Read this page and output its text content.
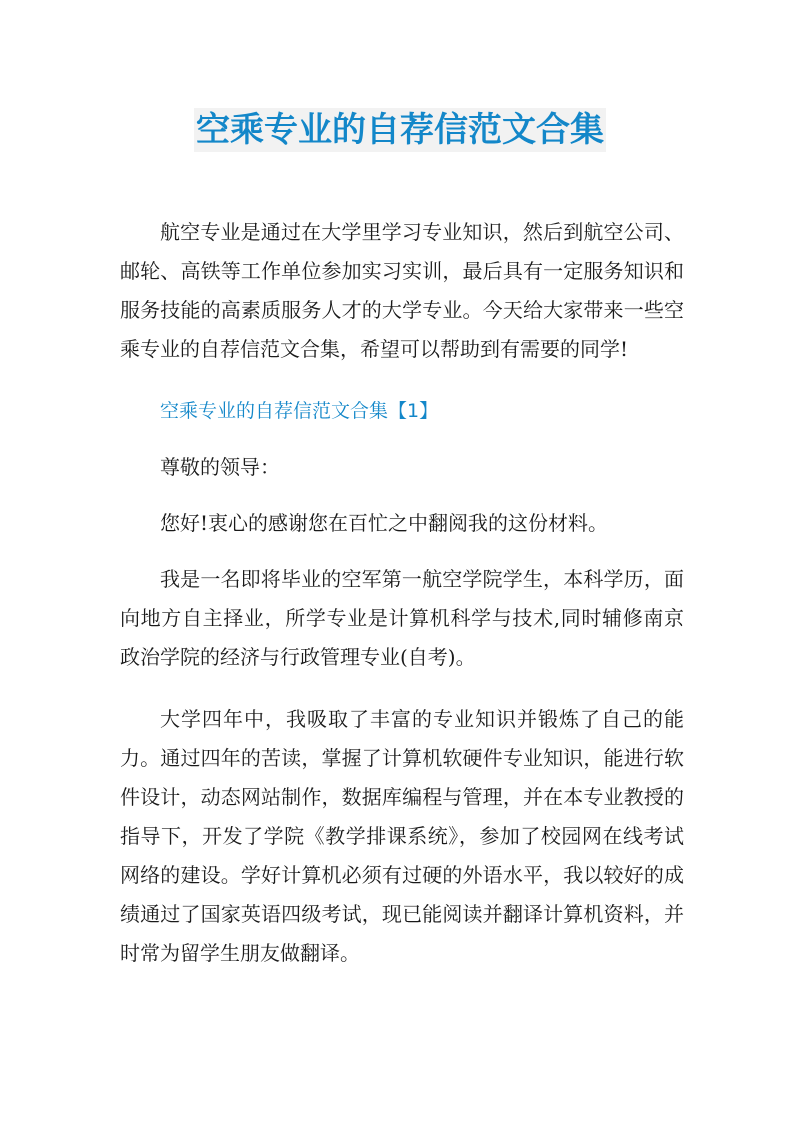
空乘专业的自荐信范文合集

航空专业是通过在大学里学习专业知识，然后到航空公司、邮轮、高铁等工作单位参加实习实训，最后具有一定服务知识和服务技能的高素质服务人才的大学专业。今天给大家带来一些空乘专业的自荐信范文合集，希望可以帮助到有需要的同学!

空乘专业的自荐信范文合集【1】

尊敬的领导：

您好!衷心的感谢您在百忙之中翻阅我的这份材料。

我是一名即将毕业的空军第一航空学院学生，本科学历，面向地方自主择业，所学专业是计算机科学与技术,同时辅修南京政治学院的经济与行政管理专业(自考)。

大学四年中，我吸取了丰富的专业知识并锻炼了自己的能力。通过四年的苦读，掌握了计算机软硬件专业知识，能进行软件设计，动态网站制作，数据库编程与管理，并在本专业教授的指导下，开发了学院《教学排课系统》，参加了校园网在线考试网络的建设。学好计算机必须有过硬的外语水平，我以较好的成绩通过了国家英语四级考试，现已能阅读并翻译计算机资料，并时常为留学生朋友做翻译。
